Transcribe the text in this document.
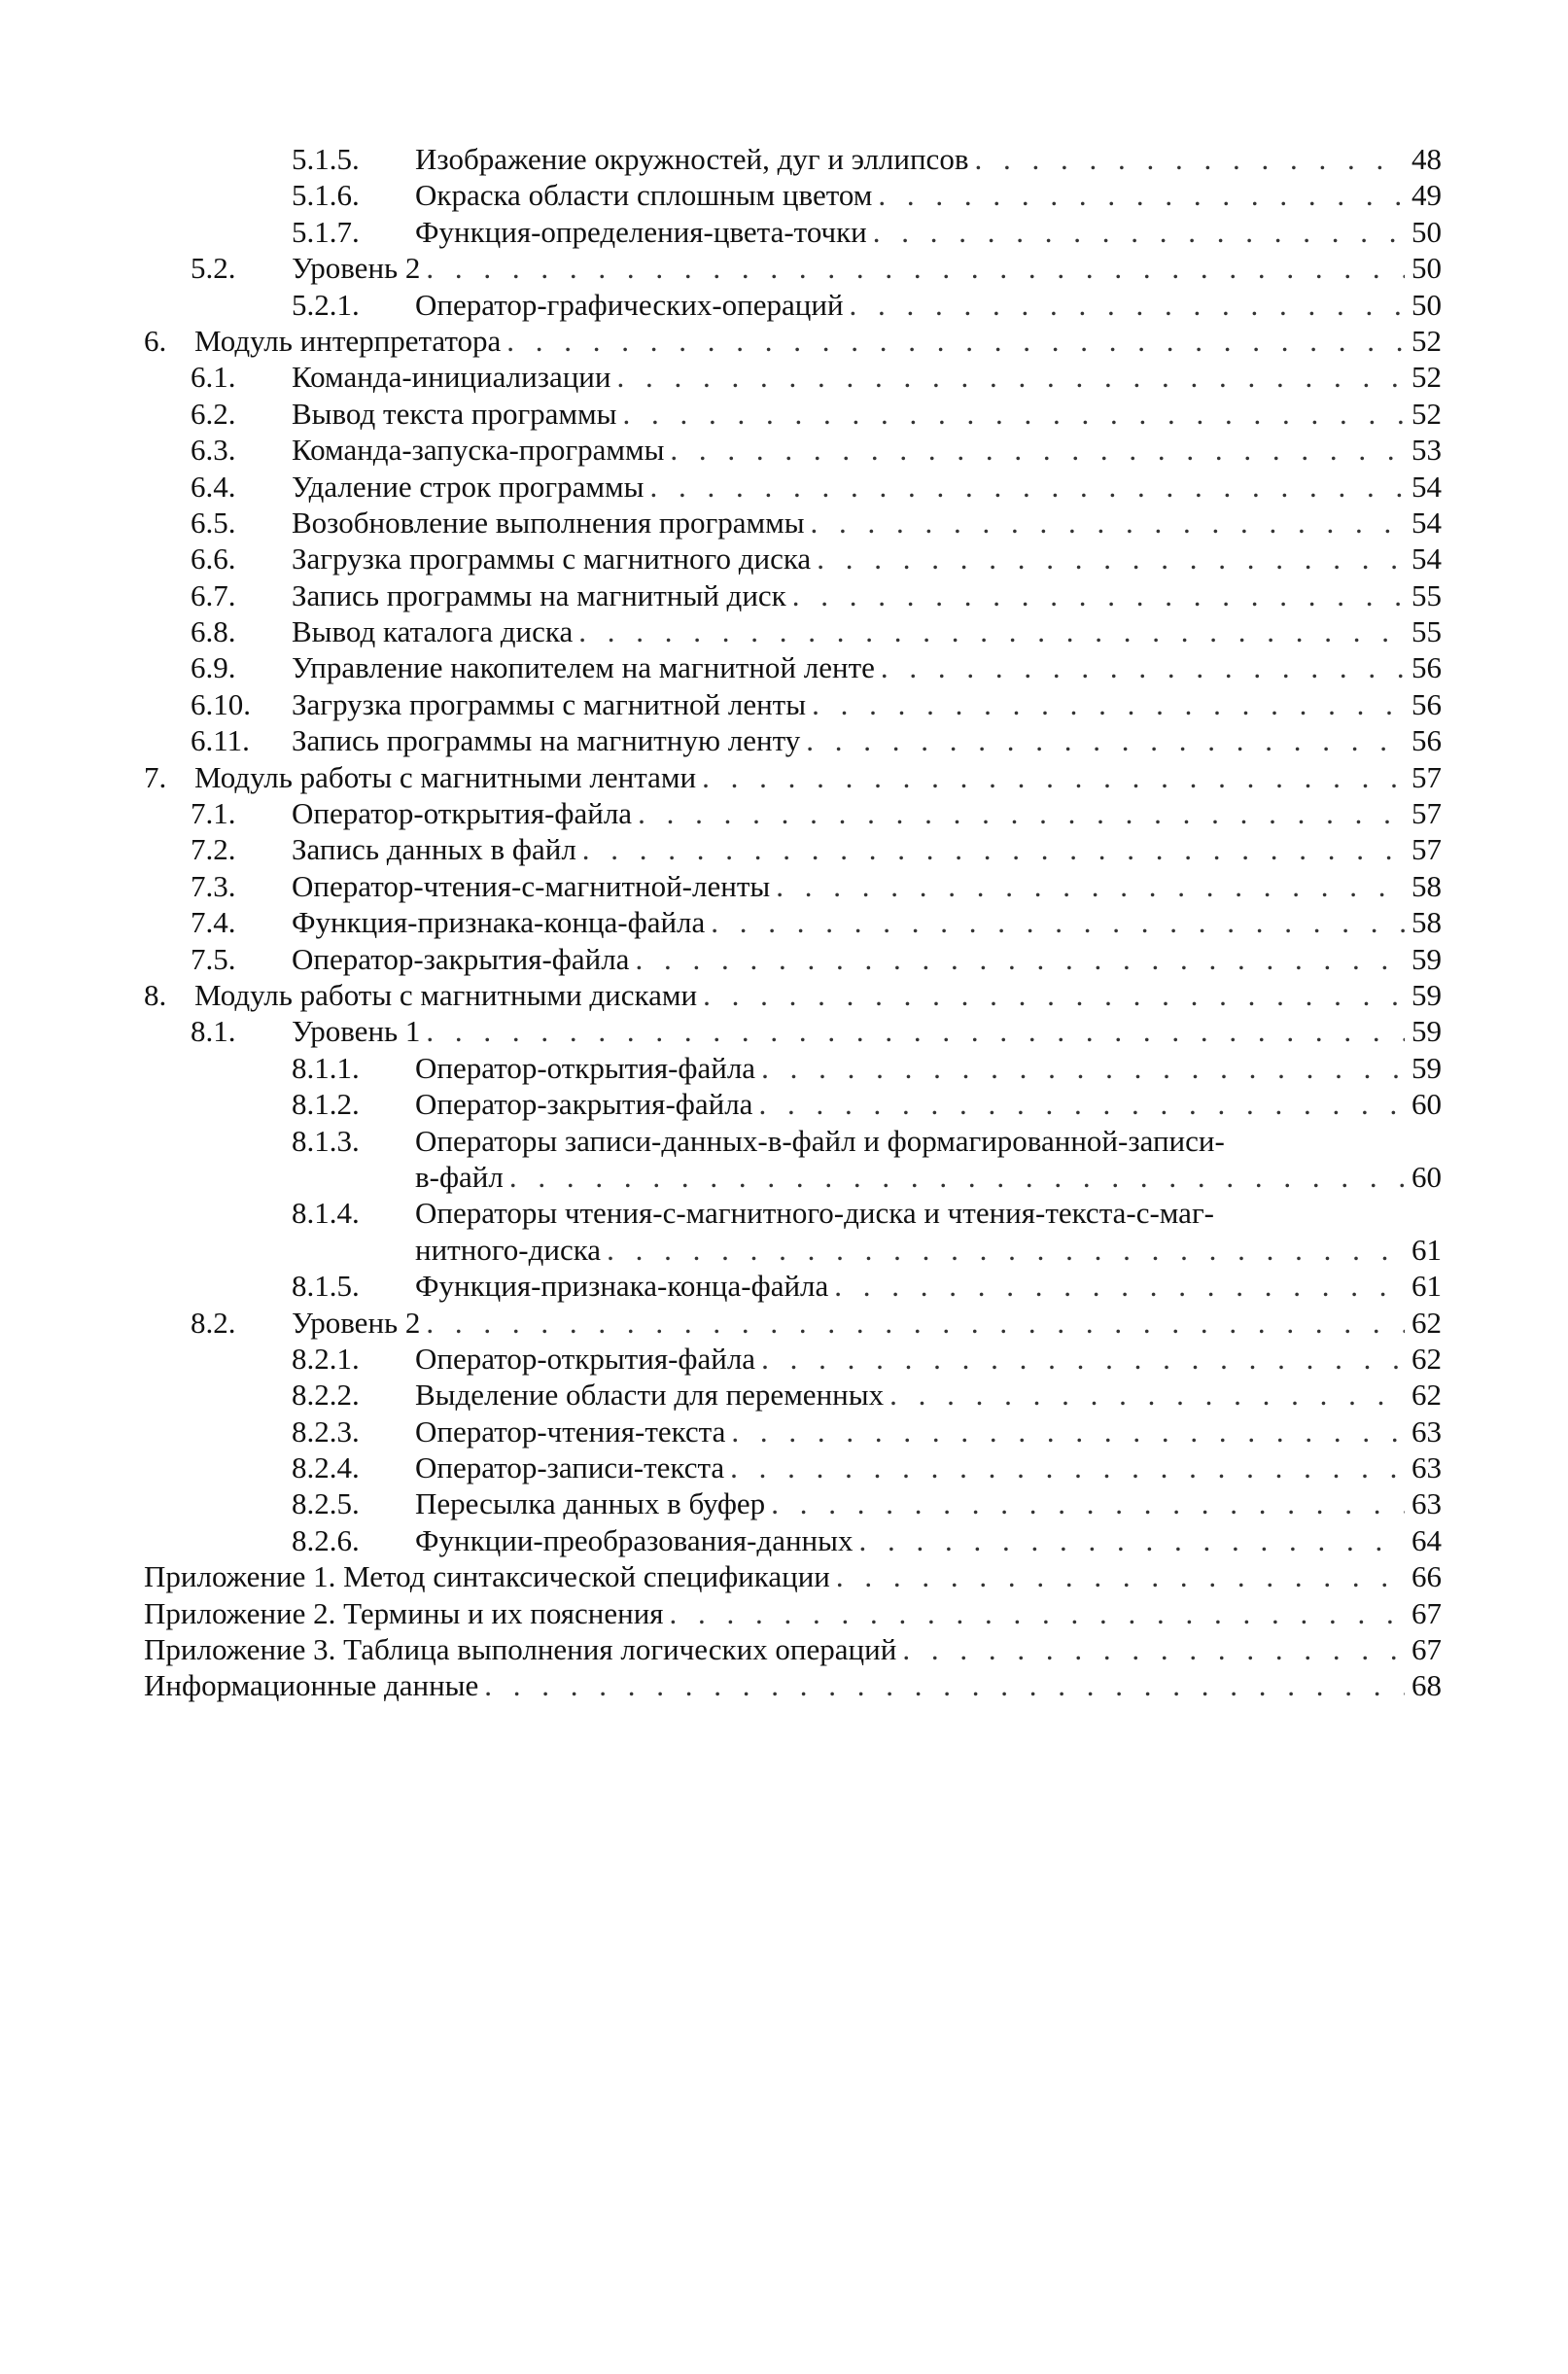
5.1.5. Изображение окружностей, дуг и эллипсов . . .	48
5.1.6. Окраска области сплошным цветом . . .	49
5.1.7. Функция-определения-цвета-точки . . .	50
5.2. Уровень 2 . . .	50
5.2.1. Оператор-графических-операций . . .	50
6. Модуль интерпретатора . . .	52
6.1. Команда-инициализации . . .	52
6.2. Вывод текста программы . . .	52
6.3. Команда-запуска-программы . . .	53
6.4. Удаление строк программы . . .	54
6.5. Возобновление выполнения программы . . .	54
6.6. Загрузка программы с магнитного диска . . .	54
6.7. Запись программы на магнитный диск . . .	55
6.8. Вывод каталога диска . . .	55
6.9. Управление накопителем на магнитной ленте . . .	56
6.10. Загрузка программы с магнитной ленты . . .	56
6.11. Запись программы на магнитную ленту . . .	56
7. Модуль работы с магнитными лентами . . .	57
7.1. Оператор-открытия-файла . . .	57
7.2. Запись данных в файл . . .	57
7.3. Оператор-чтения-с-магнитной-ленты . . .	58
7.4. Функция-признака-конца-файла . . .	58
7.5. Оператор-закрытия-файла . . .	59
8. Модуль работы с магнитными дисками . . .	59
8.1. Уровень 1 . . .	59
8.1.1. Оператор-открытия-файла . . .	59
8.1.2. Оператор-закрытия-файла . . .	60
8.1.3. Операторы записи-данных-в-файл и формагированной-записи-
в-файл . . .	60
8.1.4. Операторы чтения-с-магнитного-диска и чтения-текста-с-маг-
нитного-диска . . .	61
8.1.5. Функция-признака-конца-файла . . .	61
8.2. Уровень 2 . . .	62
8.2.1. Оператор-открытия-файла . . .	62
8.2.2. Выделение области для переменных . . .	62
8.2.3. Оператор-чтения-текста . . .	63
8.2.4. Оператор-записи-текста . . .	63
8.2.5. Пересылка данных в буфер . . .	63
8.2.6. Функции-преобразования-данных . . .	64
Приложение 1. Метод синтаксической спецификации . . .	66
Приложение 2. Термины и их пояснения . . .	67
Приложение 3. Таблица выполнения логических операций . . .	67
Информационные данные . . .	68
